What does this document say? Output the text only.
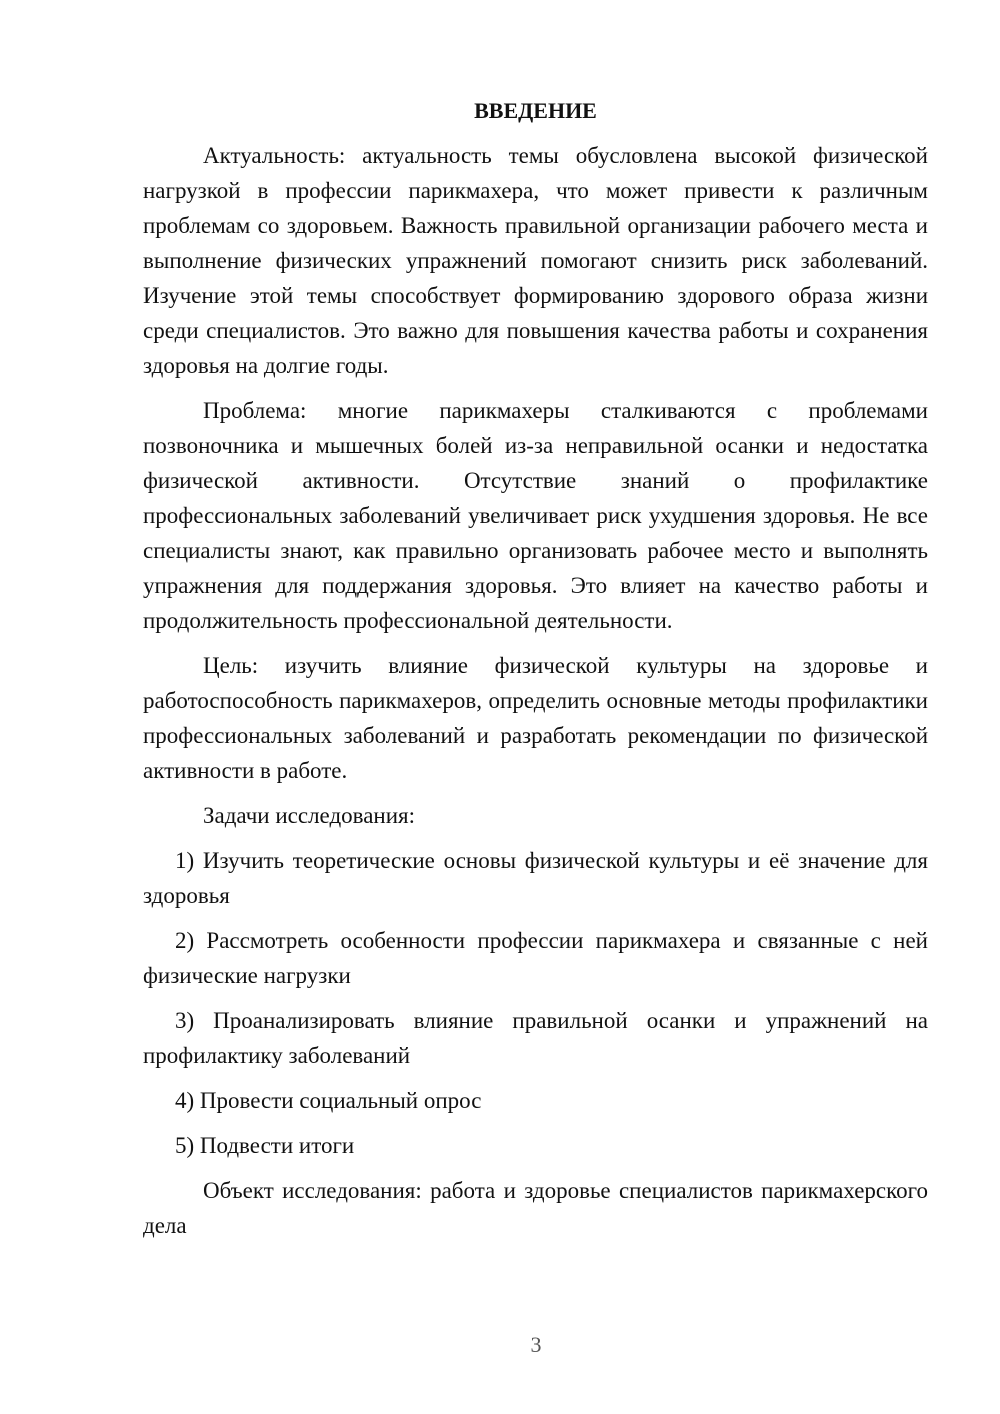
ВВЕДЕНИЕ

Актуальность: актуальность темы обусловлена высокой физической нагрузкой в профессии парикмахера, что может привести к различным проблемам со здоровьем. Важность правильной организации рабочего места и выполнение физических упражнений помогают снизить риск заболеваний. Изучение этой темы способствует формированию здорового образа жизни среди специалистов. Это важно для повышения качества работы и сохранения здоровья на долгие годы.

Проблема: многие парикмахеры сталкиваются с проблемами позвоночника и мышечных болей из-за неправильной осанки и недостатка физической активности. Отсутствие знаний о профилактике профессиональных заболеваний увеличивает риск ухудшения здоровья. Не все специалисты знают, как правильно организовать рабочее место и выполнять упражнения для поддержания здоровья. Это влияет на качество работы и продолжительность профессиональной деятельности.

Цель: изучить влияние физической культуры на здоровье и работоспособность парикмахеров, определить основные методы профилактики профессиональных заболеваний и разработать рекомендации по физической активности в работе.

Задачи исследования:

1) Изучить теоретические основы физической культуры и её значение для здоровья

2) Рассмотреть особенности профессии парикмахера и связанные с ней физические нагрузки

3) Проанализировать влияние правильной осанки и упражнений на профилактику заболеваний

4) Провести социальный опрос

5) Подвести итоги

Объект исследования: работа и здоровье специалистов парикмахерского дела

3
